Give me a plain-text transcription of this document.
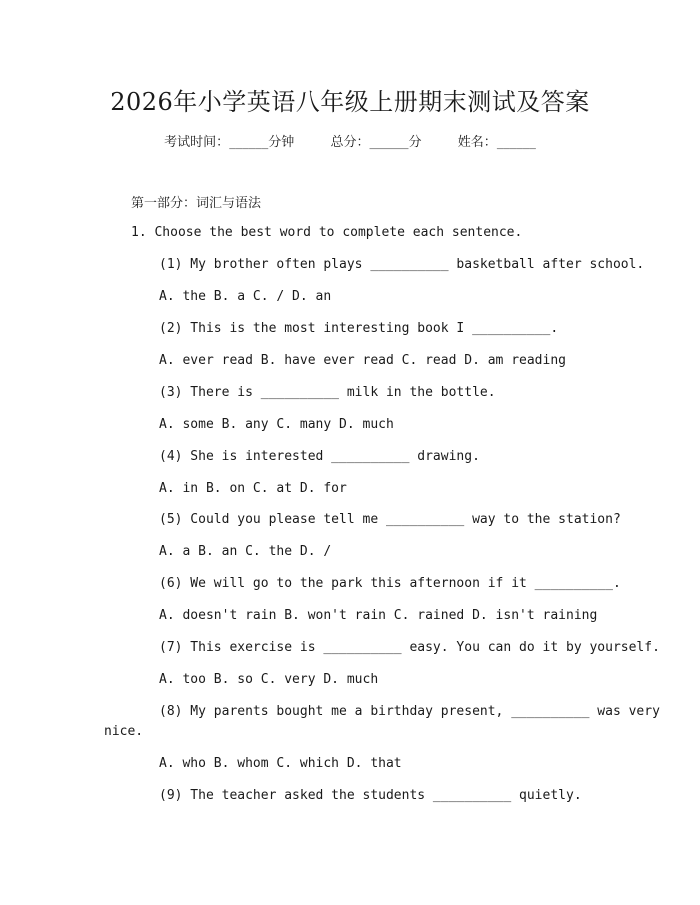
2026年小学英语八年级上册期末测试及答案
考试时间：______分钟	总分：______分	姓名：______
第一部分：词汇与语法
1. Choose the best word to complete each sentence.
(1) My brother often plays __________ basketball after school.
A. the B. a C. / D. an
(2) This is the most interesting book I __________.
A. ever read B. have ever read C. read D. am reading
(3) There is __________ milk in the bottle.
A. some B. any C. many D. much
(4) She is interested __________ drawing.
A. in B. on C. at D. for
(5) Could you please tell me __________ way to the station?
A. a B. an C. the D. /
(6) We will go to the park this afternoon if it __________.
A. doesn't rain B. won't rain C. rained D. isn't raining
(7) This exercise is __________ easy. You can do it by yourself.
A. too B. so C. very D. much
(8) My parents bought me a birthday present, __________ was very
nice.
A. who B. whom C. which D. that
(9) The teacher asked the students __________ quietly.
